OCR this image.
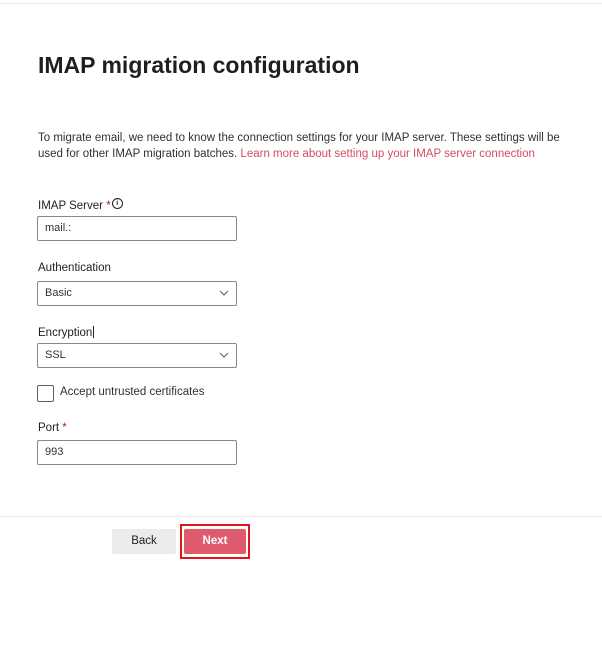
IMAP migration configuration
To migrate email, we need to know the connection settings for your IMAP server. These settings will be used for other IMAP migration batches. Learn more about setting up your IMAP server connection
IMAP Server * i
mail.:
Authentication
Basic
Encryption
SSL
Accept untrusted certificates
Port *
993
Back	Next
